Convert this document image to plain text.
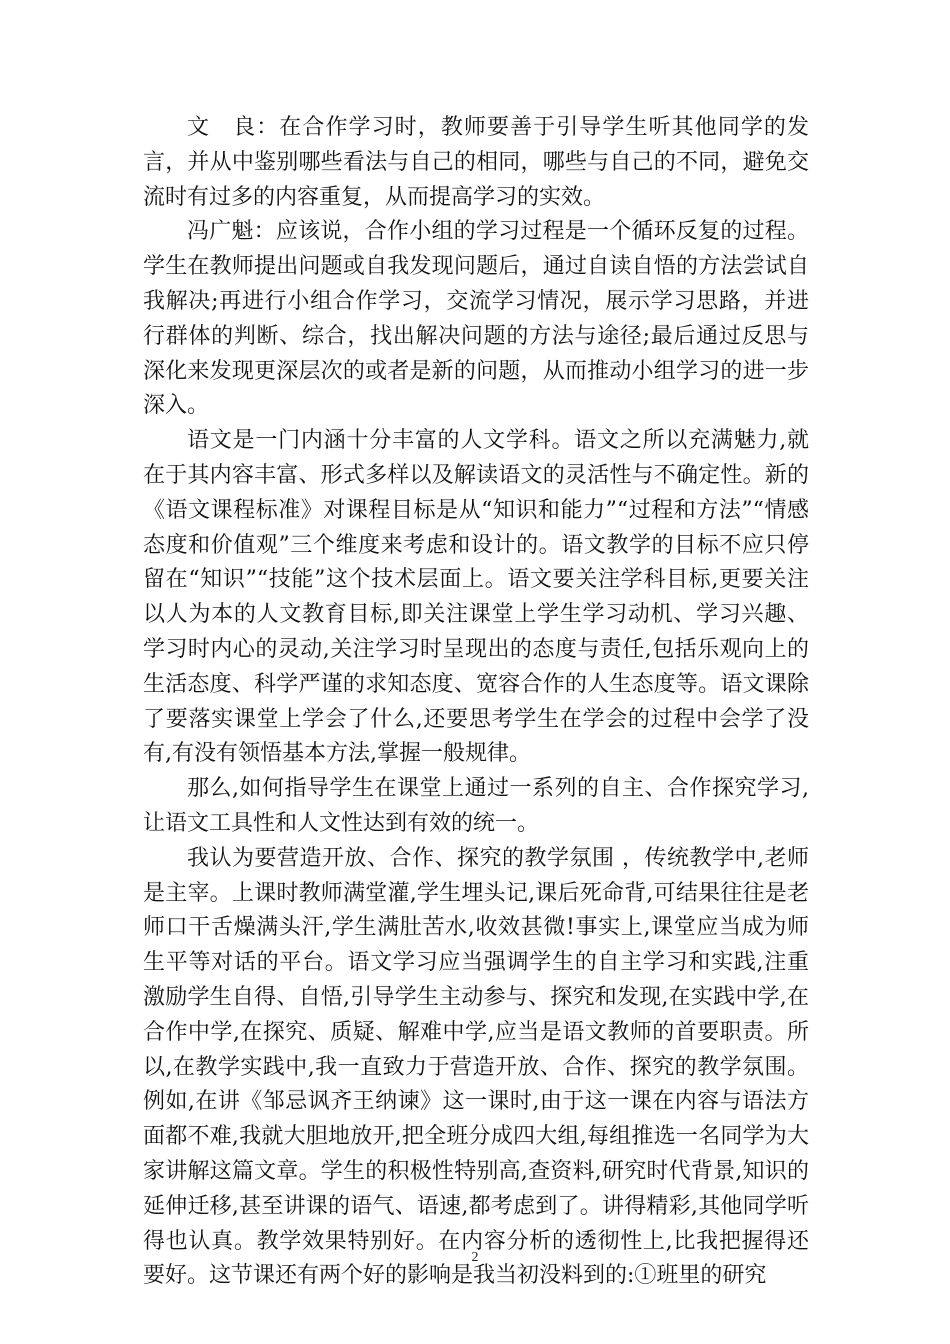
文　良：在合作学习时，教师要善于引导学生听其他同学的发言，并从中鉴别哪些看法与自己的相同，哪些与自己的不同，避免交流时有过多的内容重复，从而提高学习的实效。

冯广魁：应该说，合作小组的学习过程是一个循环反复的过程。学生在教师提出问题或自我发现问题后，通过自读自悟的方法尝试自我解决;再进行小组合作学习，交流学习情况，展示学习思路，并进行群体的判断、综合，找出解决问题的方法与途径;最后通过反思与深化来发现更深层次的或者是新的问题，从而推动小组学习的进一步深入。

语文是一门内涵十分丰富的人文学科。语文之所以充满魅力,就在于其内容丰富、形式多样以及解读语文的灵活性与不确定性。新的《语文课程标准》对课程目标是从“知识和能力”“过程和方法”“情感态度和价值观”三个维度来考虑和设计的。语文教学的目标不应只停留在“知识”“技能”这个技术层面上。语文要关注学科目标,更要关注以人为本的人文教育目标,即关注课堂上学生学习动机、学习兴趣、学习时内心的灵动,关注学习时呈现出的态度与责任,包括乐观向上的生活态度、科学严谨的求知态度、宽容合作的人生态度等。语文课除了要落实课堂上学会了什么,还要思考学生在学会的过程中会学了没有,有没有领悟基本方法,掌握一般规律。

那么,如何指导学生在课堂上通过一系列的自主、合作探究学习,让语文工具性和人文性达到有效的统一。

我认为要营造开放、合作、探究的教学氛围 ，传统教学中,老师是主宰。上课时教师满堂灌,学生埋头记,课后死命背,可结果往往是老师口干舌燥满头汗,学生满肚苦水,收效甚微!事实上,课堂应当成为师生平等对话的平台。语文学习应当强调学生的自主学习和实践,注重激励学生自得、自悟,引导学生主动参与、探究和发现,在实践中学,在合作中学,在探究、质疑、解难中学,应当是语文教师的首要职责。所以,在教学实践中,我一直致力于营造开放、合作、探究的教学氛围。例如,在讲《邹忌讽齐王纳谏》这一课时,由于这一课在内容与语法方面都不难,我就大胆地放开,把全班分成四大组,每组推选一名同学为大家讲解这篇文章。学生的积极性特别高,查资料,研究时代背景,知识的延伸迁移,甚至讲课的语气、语速,都考虑到了。讲得精彩,其他同学听得也认真。教学效果特别好。在内容分析的透彻性上,比我把握得还要好。这节课还有两个好的影响是我当初没料到的:①班里的研究

2
